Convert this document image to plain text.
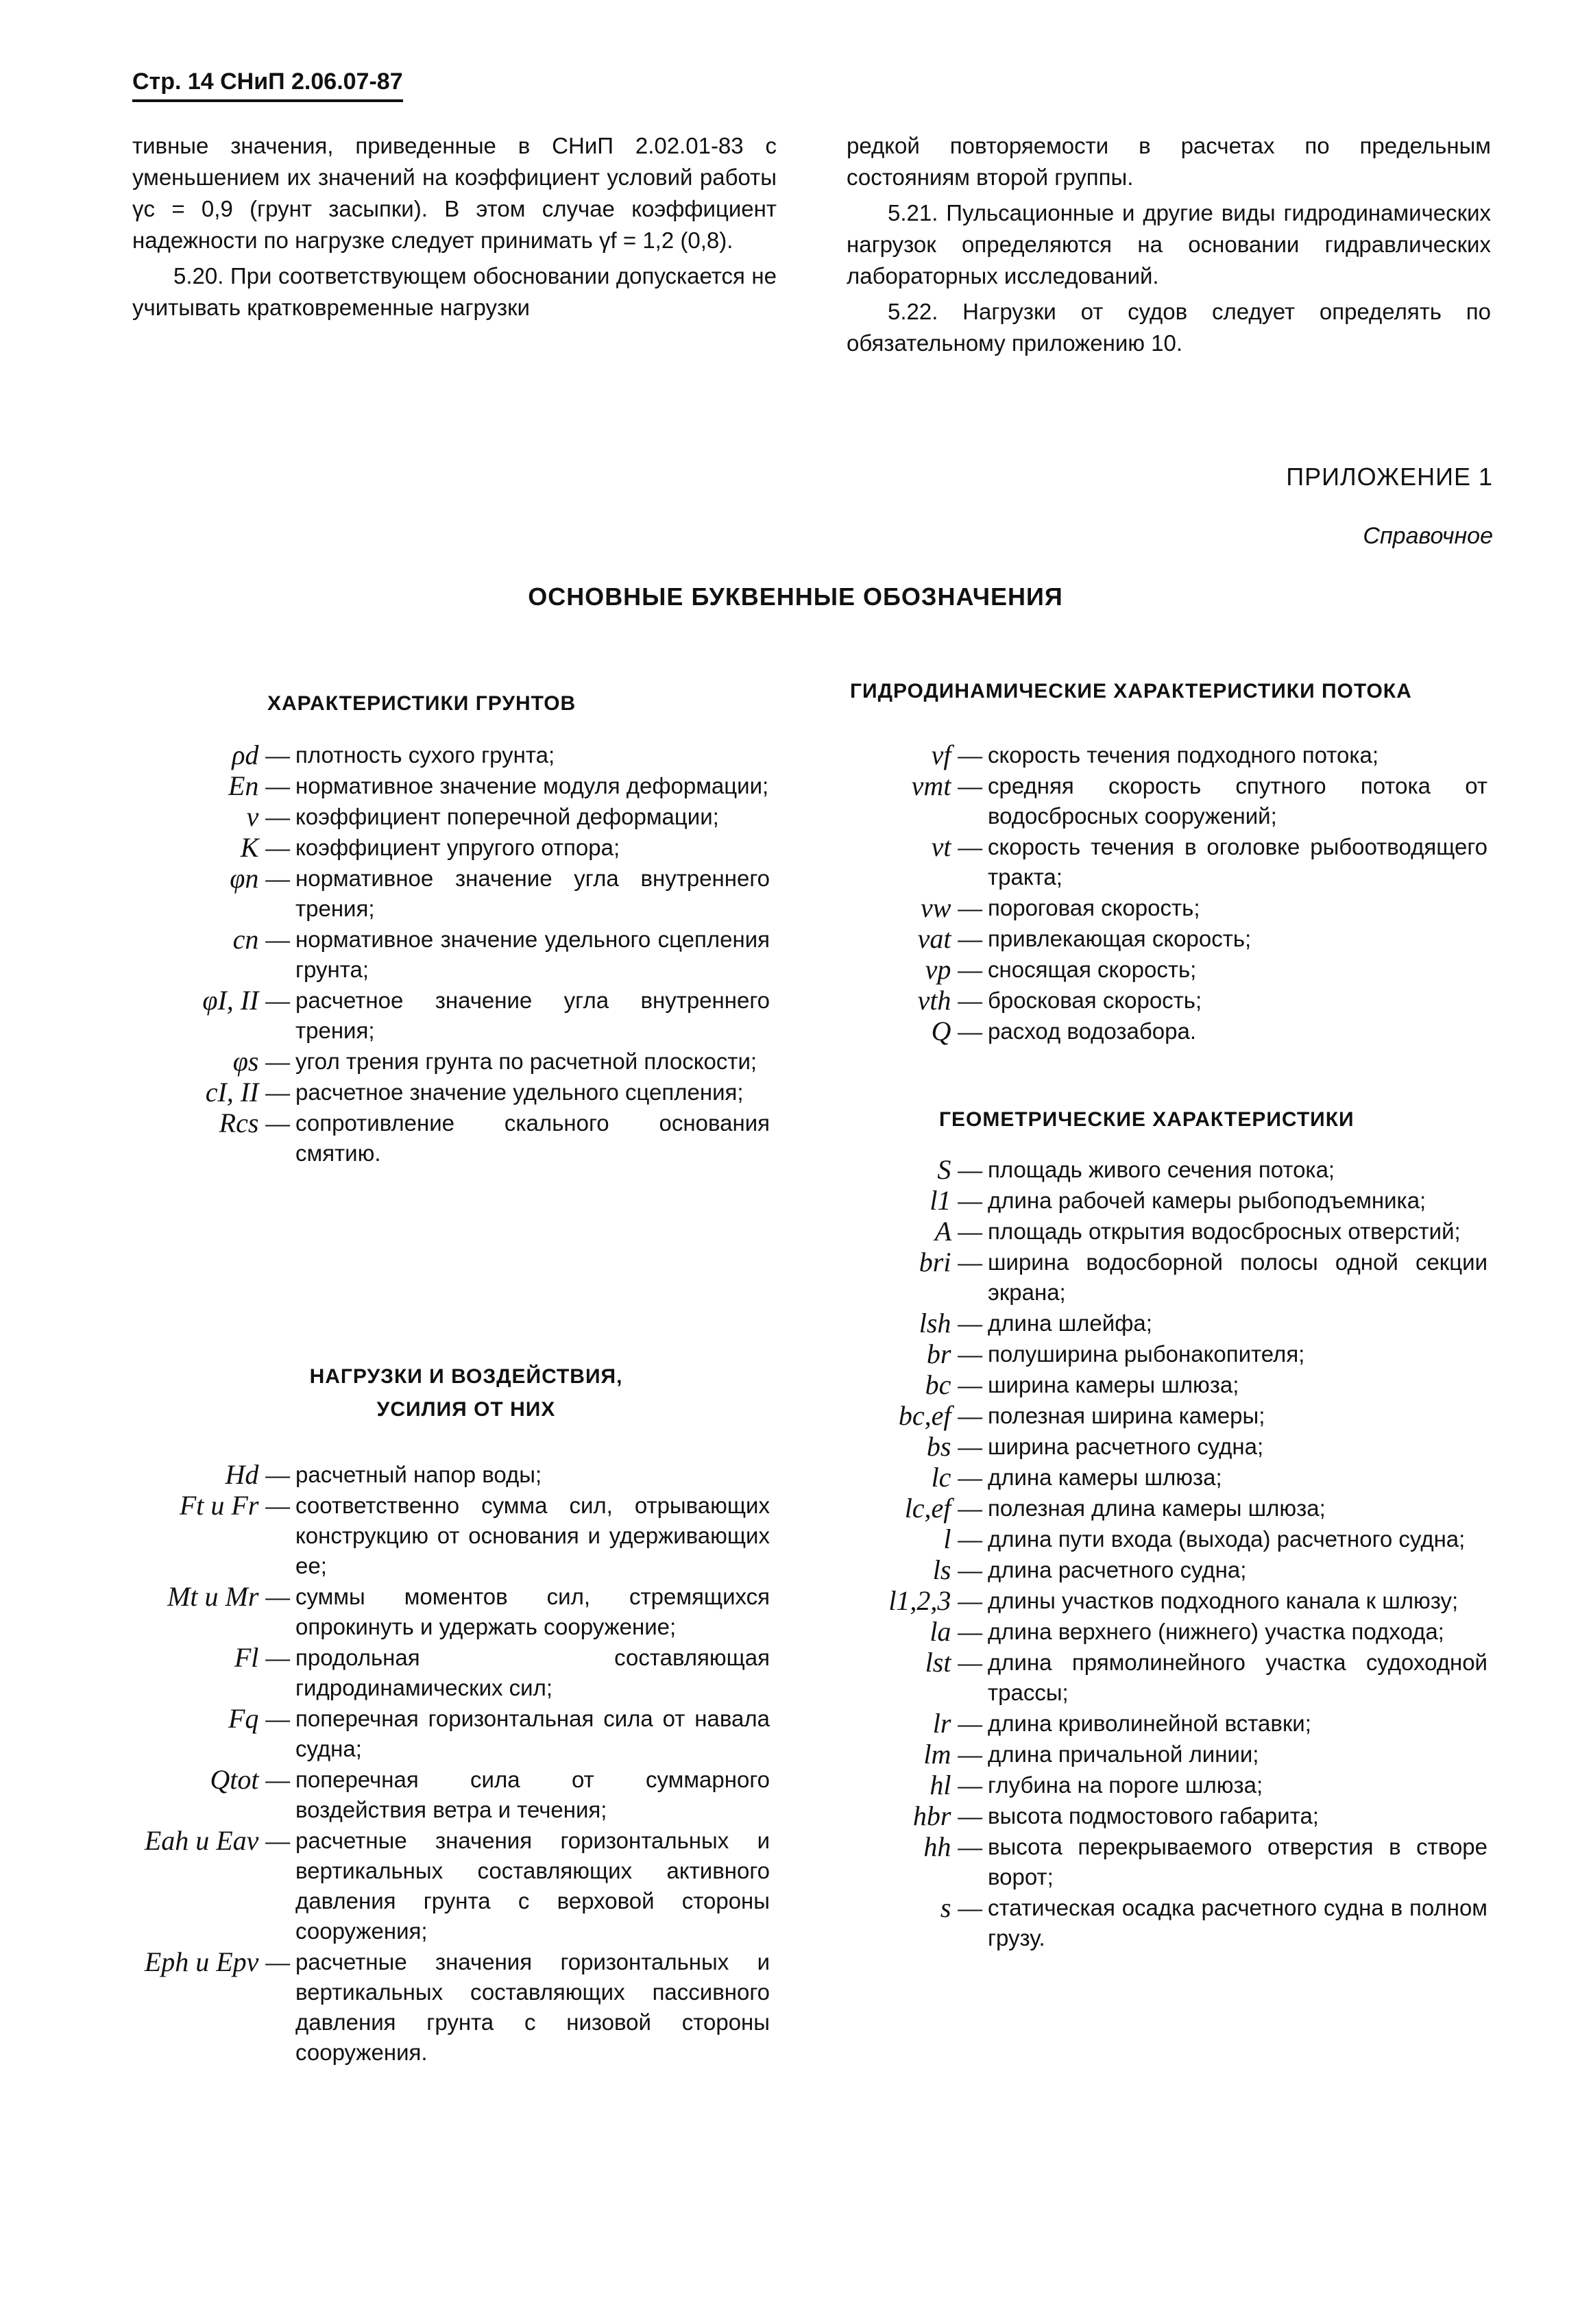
Стр. 14 СНиП 2.06.07-87

тивные значения, приведенные в СНиП 2.02.01-83 с уменьшением их значений на коэффициент условий работы γc = 0,9 (грунт засыпки). В этом случае коэффициент надежности по нагрузке следует принимать γf = 1,2 (0,8).

5.20. При соответствующем обосновании допускается не учитывать кратковременные нагрузки

редкой повторяемости в расчетах по предельным состояниям второй группы.

5.21. Пульсационные и другие виды гидродинамических нагрузок определяются на основании гидравлических лабораторных исследований.

5.22. Нагрузки от судов следует определять по обязательному приложению 10.

ПРИЛОЖЕНИЕ 1
Справочное
ОСНОВНЫЕ БУКВЕННЫЕ ОБОЗНАЧЕНИЯ
ХАРАКТЕРИСТИКИ ГРУНТОВ
ρd — плотность сухого грунта;
En — нормативное значение модуля деформации;
ν — коэффициент поперечной деформации;
K — коэффициент упругого отпора;
φn — нормативное значение угла внутреннего трения;
cn — нормативное значение удельного сцепления грунта;
φI, II — расчетное значение угла внутреннего трения;
φs — угол трения грунта по расчетной плоскости;
cI, II — расчетное значение удельного сцепления;
Rcs — сопротивление скального основания смятию.
НАГРУЗКИ И ВОЗДЕЙСТВИЯ,
УСИЛИЯ ОТ НИХ
Hd — расчетный напор воды;
Ft и Fr — соответственно сумма сил, отрывающих конструкцию от основания и удерживающих ее;
Mt и Mr — суммы моментов сил, стремящихся опрокинуть и удержать сооружение;
Fl — продольная составляющая гидродинамических сил;
Fq — поперечная горизонтальная сила от навала судна;
Qtot — поперечная сила от суммарного воздействия ветра и течения;
Eah и Eav — расчетные значения горизонтальных и вертикальных составляющих активного давления грунта с верховой стороны сооружения;
Eph и Epv — расчетные значения горизонтальных и вертикальных составляющих пассивного давления грунта с низовой стороны сооружения.
ГИДРОДИНАМИЧЕСКИЕ ХАРАКТЕРИСТИКИ ПОТОКА
vf — скорость течения подходного потока;
vmt — средняя скорость спутного потока от водосбросных сооружений;
vt — скорость течения в оголовке рыбоотводящего тракта;
vw — пороговая скорость;
vat — привлекающая скорость;
vp — сносящая скорость;
vth — бросковая скорость;
Q — расход водозабора.
ГЕОМЕТРИЧЕСКИЕ ХАРАКТЕРИСТИКИ
S — площадь живого сечения потока;
l1 — длина рабочей камеры рыбоподъемника;
A — площадь открытия водосбросных отверстий;
bri — ширина водосборной полосы одной секции экрана;
lsh — длина шлейфа;
br — полуширина рыбонакопителя;
bc — ширина камеры шлюза;
bc,ef — полезная ширина камеры;
bs — ширина расчетного судна;
lc — длина камеры шлюза;
lc,ef — полезная длина камеры шлюза;
l — длина пути входа (выхода) расчетного судна;
ls — длина расчетного судна;
l1,2,3 — длины участков подходного канала к шлюзу;
la — длина верхнего (нижнего) участка подхода;
lst — длина прямолинейного участка судоходной трассы;
lr — длина криволинейной вставки;
lm — длина причальной линии;
hl — глубина на пороге шлюза;
hbr — высота подмостового габарита;
hh — высота перекрываемого отверстия в створе ворот;
s — статическая осадка расчетного судна в полном грузу.
